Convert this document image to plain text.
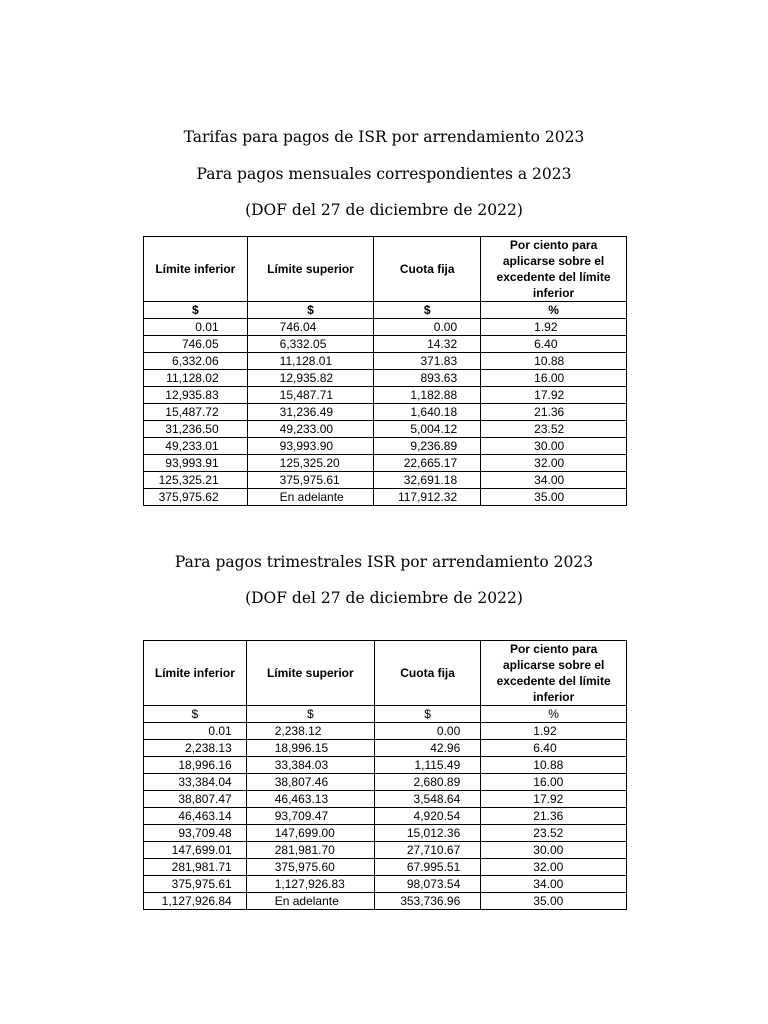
Tarifas para pagos de ISR por arrendamiento 2023
Para pagos mensuales correspondientes a 2023
(DOF del 27 de diciembre de 2022)
Límite inferior	Límite superior	Cuota fija	Por ciento para aplicarse sobre el excedente del límite inferior
$	$	$	%
0.01	746.04	0.00	1.92
746.05	6,332.05	14.32	6.40
6,332.06	11,128.01	371.83	10.88
11,128.02	12,935.82	893.63	16.00
12,935.83	15,487.71	1,182.88	17.92
15,487.72	31,236.49	1,640.18	21.36
31,236.50	49,233.00	5,004.12	23.52
49,233.01	93,993.90	9,236.89	30.00
93,993.91	125,325.20	22,665.17	32.00
125,325.21	375,975.61	32,691.18	34.00
375,975.62	En adelante	117,912.32	35.00
Para pagos trimestrales ISR por arrendamiento 2023
(DOF del 27 de diciembre de 2022)
Límite inferior	Límite superior	Cuota fija	Por ciento para aplicarse sobre el excedente del límite inferior
$	$	$	%
0.01	2,238.12	0.00	1.92
2,238.13	18,996.15	42.96	6.40
18,996.16	33,384.03	1,115.49	10.88
33,384.04	38,807.46	2,680.89	16.00
38,807.47	46,463.13	3,548.64	17.92
46,463.14	93,709.47	4,920.54	21.36
93,709.48	147,699.00	15,012.36	23.52
147,699.01	281,981.70	27,710.67	30.00
281,981.71	375,975.60	67.995.51	32.00
375,975.61	1,127,926.83	98,073.54	34.00
1,127,926.84	En adelante	353,736.96	35.00
